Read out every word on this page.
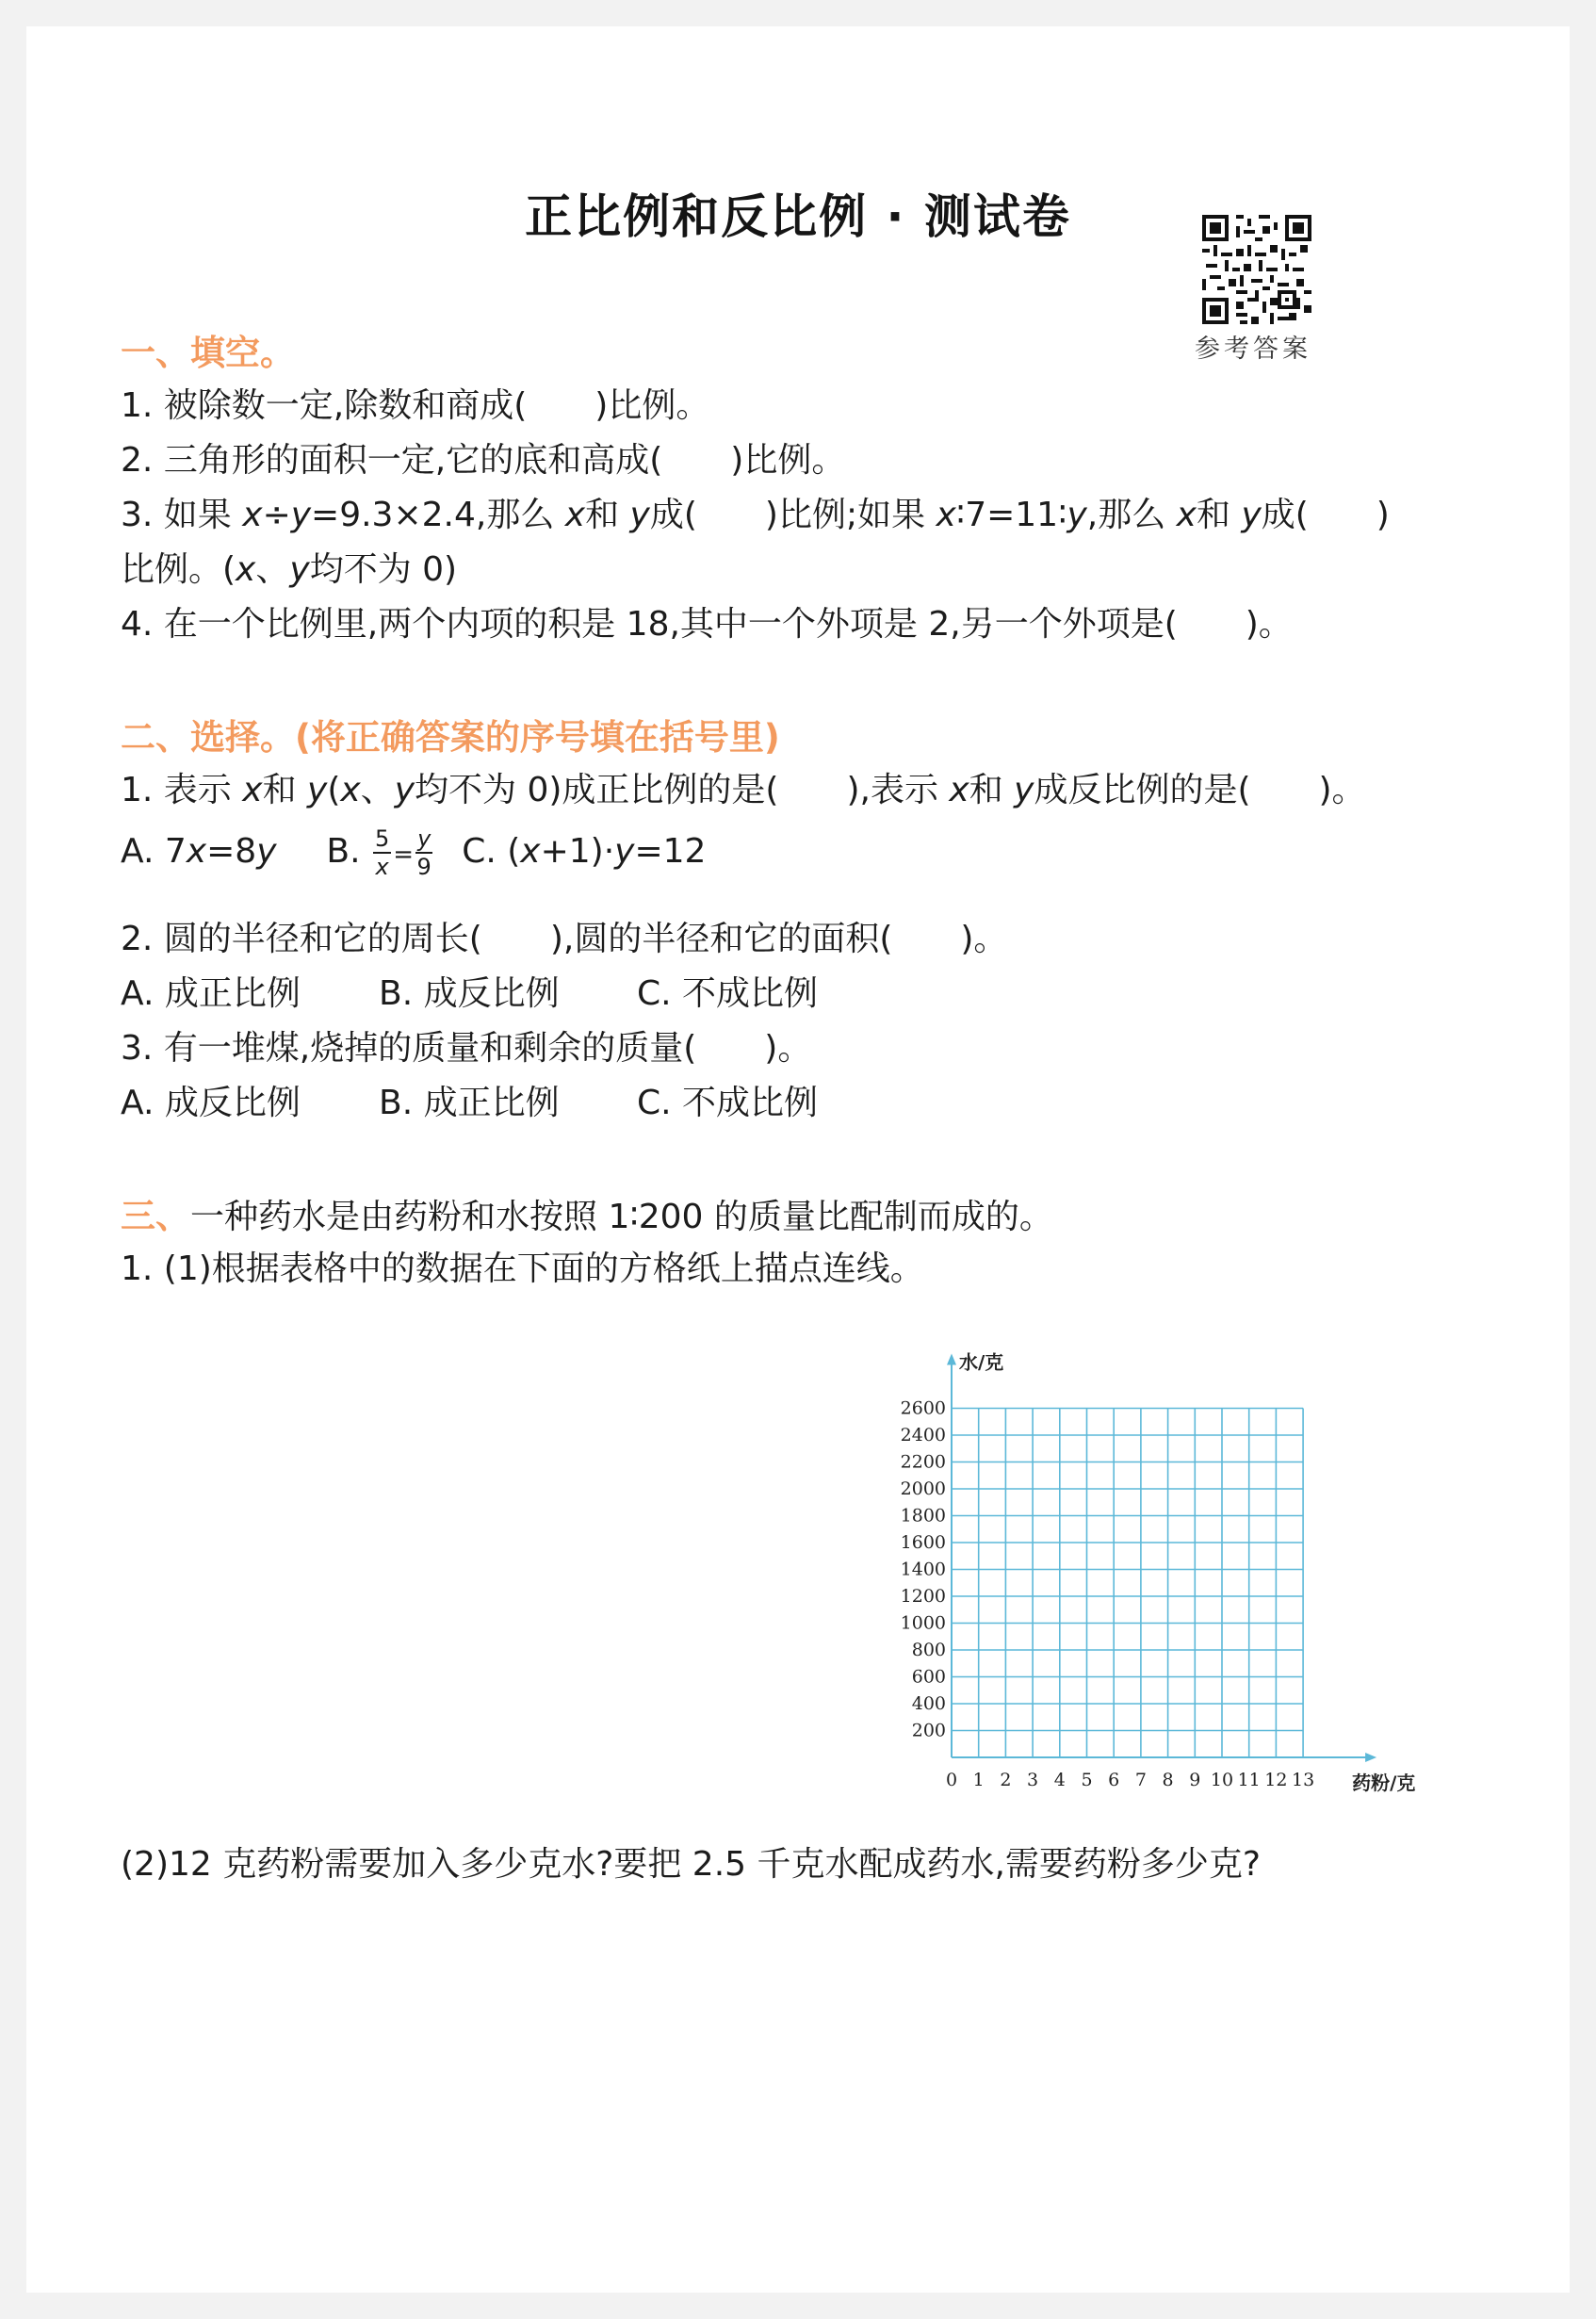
正比例和反比例 · 测试卷
参考答案
一、填空。
1. 被除数一定,除数和商成(　　)比例。
2. 三角形的面积一定,它的底和高成(　　)比例。
3. 如果 x÷y=9.3×2.4,那么 x和 y成(　　)比例;如果 x∶7=11∶y,那么 x和 y成(　　)
比例。(x、y均不为 0)
4. 在一个比例里,两个内项的积是 18,其中一个外项是 2,另一个外项是(　　)。
二、选择。(将正确答案的序号填在括号里)
1. 表示 x和 y(x、y均不为 0)成正比例的是(　　),表示 x和 y成反比例的是(　　)。
A. 7x=8y B. $\frac{5}{x} = \frac{y}{9} C$. (x+1)·y=12
2. 圆的半径和它的周长(　　),圆的半径和它的面积(　　)。
A. 成正比例 B. 成反比例 C. 不成比例
3. 有一堆煤,烧掉的质量和剩余的质量(　　)。
A. 成反比例 B. 成正比例 C. 不成比例
三、一种药水是由药粉和水按照 1∶200 的质量比配制而成的。
1. (1)根据表格中的数据在下面的方格纸上描点连线。
200
400
600
800
1000
1200
1400
1600
1800
2000
2200
2400
2600
0 1 2 3 4 5 6 7 8 9 10 11 12 13
水/克
药粉/克
(2)12 克药粉需要加入多少克水?要把 2.5 千克水配成药水,需要药粉多少克?
